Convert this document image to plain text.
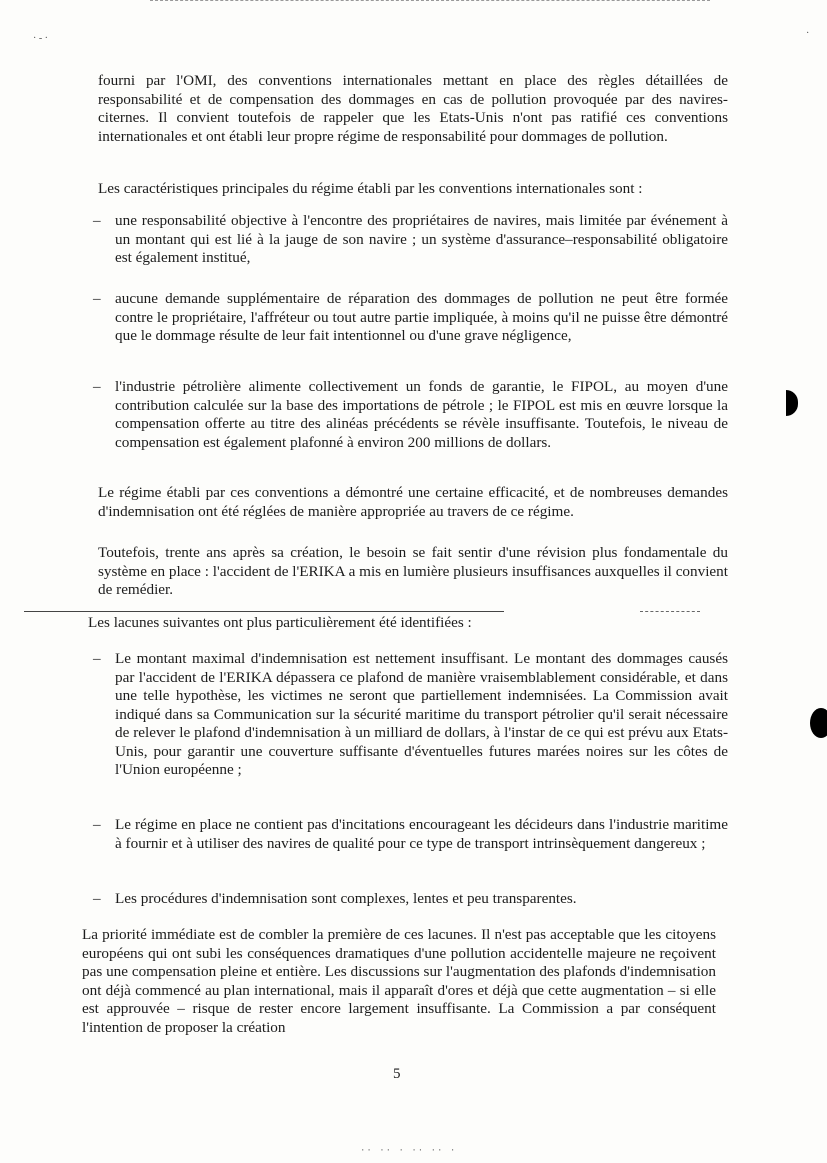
· - ·	·
fourni par l'OMI, des conventions internationales mettant en place des règles détaillées de responsabilité et de compensation des dommages en cas de pollution provoquée par des navires-citernes. Il convient toutefois de rappeler que les Etats-Unis n'ont pas ratifié ces conventions internationales et ont établi leur propre régime de responsabilité pour dommages de pollution.
Les caractéristiques principales du régime établi par les conventions internationales sont :
– une responsabilité objective à l'encontre des propriétaires de navires, mais limitée par événement à un montant qui est lié à la jauge de son navire ; un système d'assurance–responsabilité obligatoire est également institué,
– aucune demande supplémentaire de réparation des dommages de pollution ne peut être formée contre le propriétaire, l'affréteur ou tout autre partie impliquée, à moins qu'il ne puisse être démontré que le dommage résulte de leur fait intentionnel ou d'une grave négligence,
– l'industrie pétrolière alimente collectivement un fonds de garantie, le FIPOL, au moyen d'une contribution calculée sur la base des importations de pétrole ; le FIPOL est mis en œuvre lorsque la compensation offerte au titre des alinéas précédents se révèle insuffisante. Toutefois, le niveau de compensation est également plafonné à environ 200 millions de dollars.
Le régime établi par ces conventions a démontré une certaine efficacité, et de nombreuses demandes d'indemnisation ont été réglées de manière appropriée au travers de ce régime.
Toutefois, trente ans après sa création, le besoin se fait sentir d'une révision plus fondamentale du système en place : l'accident de l'ERIKA a mis en lumière plusieurs insuffisances auxquelles il convient de remédier.
Les lacunes suivantes ont plus particulièrement été identifiées :
– Le montant maximal d'indemnisation est nettement insuffisant. Le montant des dommages causés par l'accident de l'ERIKA dépassera ce plafond de manière vraisemblablement considérable, et dans une telle hypothèse, les victimes ne seront que partiellement indemnisées. La Commission avait indiqué dans sa Communication sur la sécurité maritime du transport pétrolier qu'il serait nécessaire de relever le plafond d'indemnisation à un milliard de dollars, à l'instar de ce qui est prévu aux Etats-Unis, pour garantir une couverture suffisante d'éventuelles futures marées noires sur les côtes de l'Union européenne ;
– Le régime en place ne contient pas d'incitations encourageant les décideurs dans l'industrie maritime à fournir et à utiliser des navires de qualité pour ce type de transport intrinsèquement dangereux ;
– Les procédures d'indemnisation sont complexes, lentes et peu transparentes.
La priorité immédiate est de combler la première de ces lacunes. Il n'est pas acceptable que les citoyens européens qui ont subi les conséquences dramatiques d'une pollution accidentelle majeure ne reçoivent pas une compensation pleine et entière. Les discussions sur l'augmentation des plafonds d'indemnisation ont déjà commencé au plan international, mais il apparaît d'ores et déjà que cette augmentation – si elle est approuvée – risque de rester encore largement insuffisante. La Commission a par conséquent l'intention de proposer la création
5
·· ·· · ·· ·· ·
